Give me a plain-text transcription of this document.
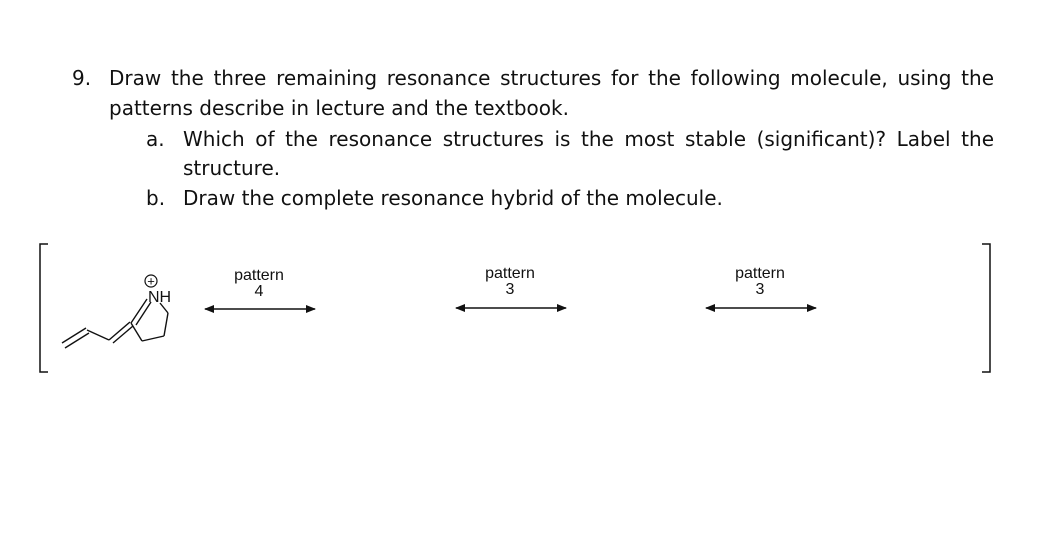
9. Draw the three remaining resonance structures for the following molecule, using the
patterns describe in lecture and the textbook.
a. Which of the resonance structures is the most stable (significant)? Label the
structure.
b. Draw the complete resonance hybrid of the molecule.
+
NH
pattern
4
pattern
3
pattern
3
